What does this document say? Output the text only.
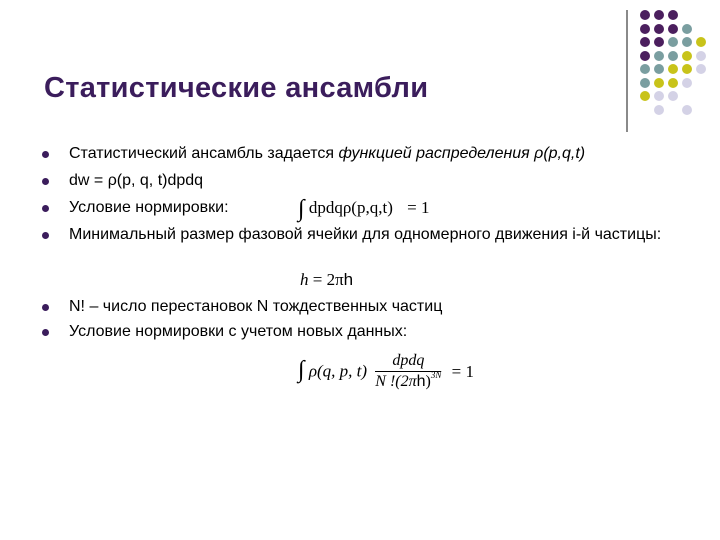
Статистические ансамбли
Статистический ансамбль задается функцией распределения ρ(p,q,t)
dw = ρ(p, q, t)dpdq
Условие нормировки:
Минимальный размер фазовой ячейки для одномерного движения i-й частицы:
N! – число перестановок N тождественных частиц
Условие нормировки с учетом новых данных:
∫ dpdqρ(p,q,t) = 1
h = 2πh
∫ ρ(q, p, $t) \frac{\text{dpdq}}{N !(2\pi h)^{3N}} = 1$
